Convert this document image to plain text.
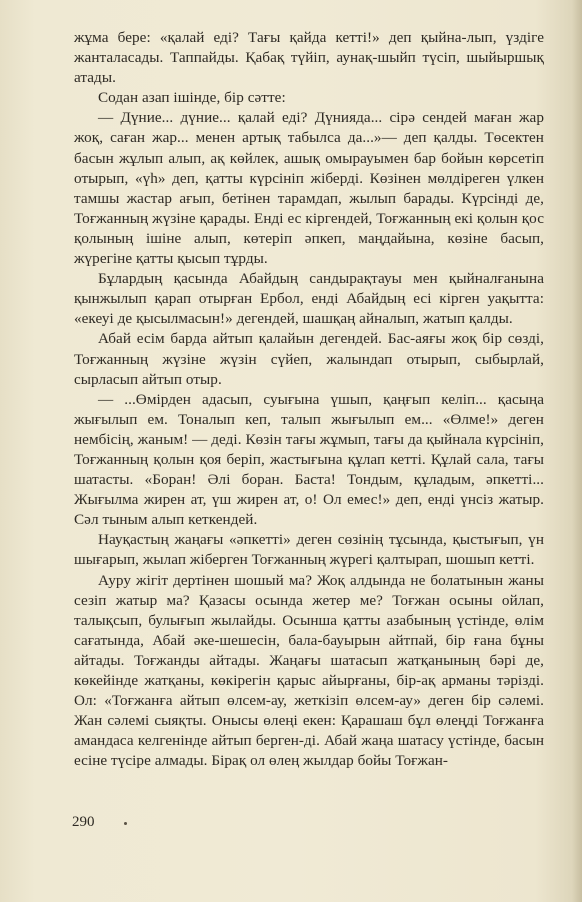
жұма бере: «қалай еді? Тағы қайда кетті!» деп қыйна-лып, үздіге жанталасады. Таппайды. Қабақ түйіп, аунақ-шыйп түсіп, шыйыршық атады.

Содан азап ішінде, бір сәтте:

— Дүние... дүние... қалай еді? Дүнияда... сірә сендей маған жар жоқ, саған жар... менен артық табылса да...»— деп қалды. Төсектен басын жұлып алып, ақ көйлек, ашық омырауымен бар бойын көрсетіп отырып, «үһ» деп, қатты күрсініп жіберді. Көзінен мөлдіреген үлкен тамшы жастар ағып, бетінен тарамдап, жылып барады. Күрсінді де, Тоғжанның жүзіне қарады. Енді ес кіргендей, Тоғжанның екі қолын қос қолының ішіне алып, көтеріп әпкеп, маңдайына, көзіне басып, жүрегіне қатты қысып тұрды.

Бұлардың қасында Абайдың сандырақтауы мен қыйналғанына қынжылып қарап отырған Ербол, енді Абайдың есі кірген уақытта: «екеуі де қысылмасын!» дегендей, шашқаң айналып, жатып қалды.

Абай есім барда айтып қалайын дегендей. Бас-аяғы жоқ бір сөзді, Тоғжанның жүзіне жүзін сүйеп, жалындап отырып, сыбырлай, сырласып айтып отыр.

— ...Өмірден адасып, суығына үшып, қаңғып келіп... қасыңа жығылып ем. Тоналып кеп, талып жығылып ем... «Өлме!» деген нембісің, жаным! — деді. Көзін тағы жұмып, тағы да қыйнала күрсініп, Тоғжанның қолын қоя беріп, жастығына құлап кетті. Құлай сала, тағы шатасты. «Боран! Әлі боран. Баста! Тондым, құладым, әпкетті... Жығылма жирен ат, үш жирен ат, о! Ол емес!» деп, енді үнсіз жатыр. Сәл тыным алып кеткендей.

Науқастың жаңағы «әпкетті» деген сөзінің тұсында, қыстығып, үн шығарып, жылап жіберген Тоғжанның жүрегі қалтырап, шошып кетті.

Ауру жігіт дертінен шошый ма? Жоқ алдында не болатынын жаны сезіп жатыр ма? Қазасы осында жетер ме? Тоғжан осыны ойлап, талықсып, булығып жылайды. Осынша қатты азабының үстінде, өлім сағатында, Абай әке-шешесін, бала-бауырын айтпай, бір ғана бұны айтады. Тоғжанды айтады. Жаңағы шатасып жатқанының бәрі де, көкейінде жатқаны, көкірегін қарыс айырғаны, бір-ақ арманы тәрізді. Ол: «Тоғжанға айтып өлсем-ау, жеткізіп өлсем-ау» деген бір сәлемі. Жан сәлемі сыяқты. Онысы өлеңі екен: Қарашаш бұл өлеңді Тоғжанға амандаса келгенінде айтып берген-ді. Абай жаңа шатасу үстінде, басын есіне түсіре алмады. Бірақ ол өлең жылдар бойы Тоғжан-

290
